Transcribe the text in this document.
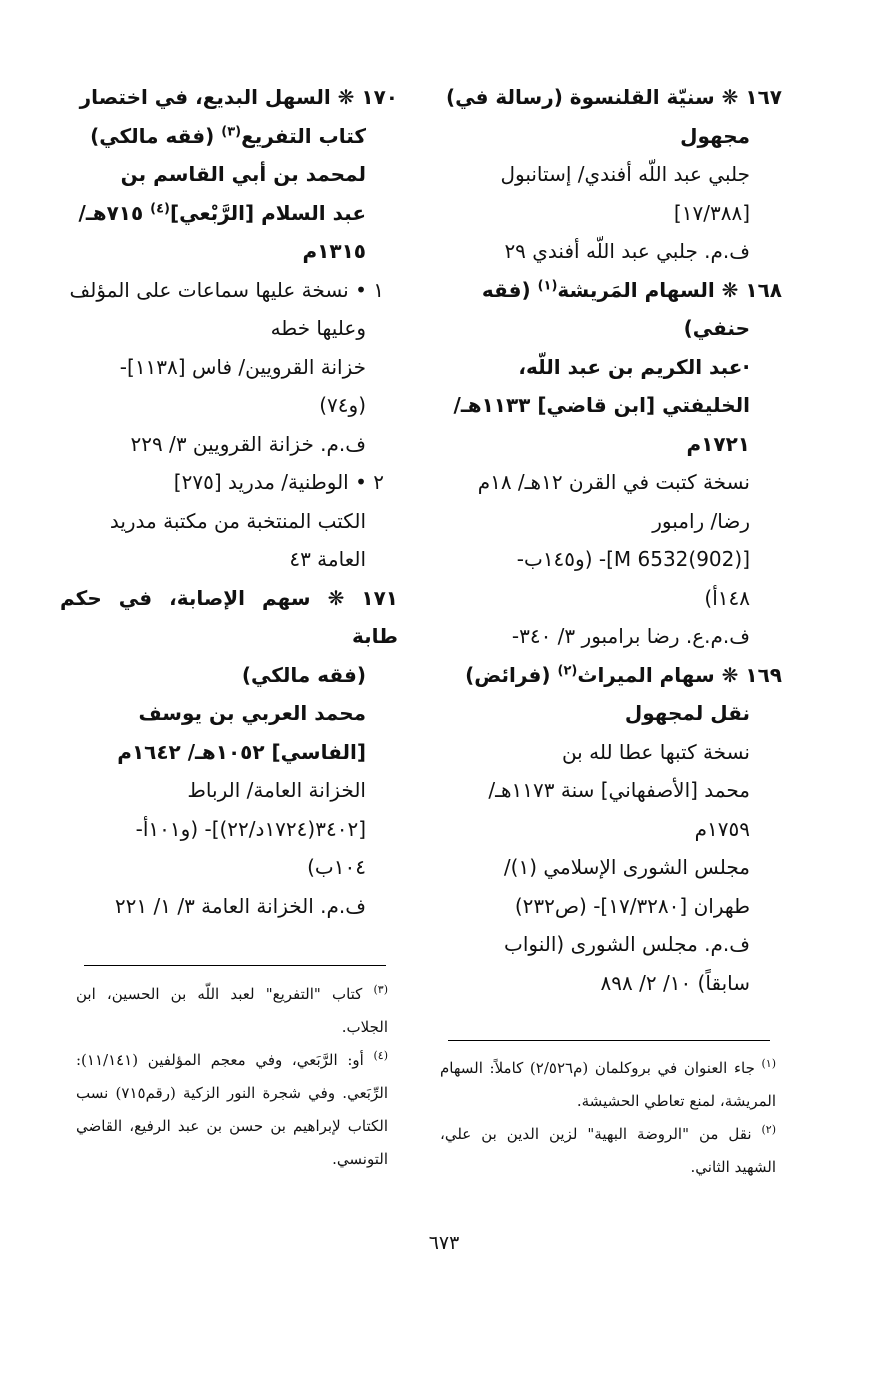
١٦٧ ❋ سنيّة القلنسوة (رسالة في)
مجهول
جلبي عبد اللّه أفندي/ إستانبول
[١٧/٣٨٨]
ف.م. جلبي عبد اللّه أفندي ٢٩
١٦٨ ❋ السهام المَريشة$^{(١)}$ (فقه
حنفي)
·عبد الكريم بن عبد اللّه،
الخليفتي [ابن قاضي] ١١٣٣هـ/
١٧٢١م
نسخة كتبت في القرن ١٢هـ/ ١٨م
رضا/ رامبور
[M 6532(902)]- (و١٤٥ب-
١٤٨أ)
ف.م.ع. رضا برامبور ٣/ ٣٤٠-
١٦٩ ❋ سهام الميراث$^{(٢)}$ (فرائض)
نقل لمجهول
نسخة كتبها عطا لله بن
محمد [الأصفهاني] سنة ١١٧٣هـ/
١٧٥٩م
مجلس الشورى الإسلامي (١)/
طهران [١٧/٣٢٨٠]- (ص٢٣٢)
ف.م. مجلس الشورى (النواب
سابقاً) ١٠/ ٢/ ٨٩٨
١٧٠ ❋ السهل البديع، في اختصار
كتاب التفريع$^{(٣)}$ (فقه مالكي)
لمحمد بن أبي القاسم بن
عبد السلام [الرَّبْعي]$^{(٤)}$ ٧١٥هـ/
١٣١٥م
١ • نسخة عليها سماعات على المؤلف
وعليها خطه
خزانة القرويين/ فاس [١١٣٨]-
(و٧٤)
ف.م. خزانة القرويين ٣/ ٢٢٩
٢ • الوطنية/ مدريد [٢٧٥]
الكتب المنتخبة من مكتبة مدريد
العامة ٤٣
١٧١ ❋ سهم الإصابة، في حكم طابة
(فقه مالكي)
محمد العربي بن يوسف
[الفاسي] ١٠٥٢هـ/ ١٦٤٢م
الخزانة العامة/ الرباط
[٣٤٠٢(١٧٢٤د/٢٢)]- (و١٠١أ-
١٠٤ب)
ف.م. الخزانة العامة ٣/ ١/ ٢٢١
$^{(١)}$ جاء العنوان في بروكلمان (م٢/٥٢٦) كاملاً: السهام المريشة، لمنع تعاطي الحشيشة.
$^{(٢)}$ نقل من "الروضة البهية" لزين الدين بن علي، الشهيد الثاني.
$^{(٣)}$ كتاب "التفريع" لعبد اللّه بن الحسين، ابن الجلاب.
$^{(٤)}$ أو: الرَّبَعي، وفي معجم المؤلفين (١١/١٤١): الرِّبَعي. وفي شجرة النور الزكية (رقم٧١٥) نسب الكتاب لإبراهيم بن حسن بن عبد الرفيع، القاضي التونسي.
٦٧٣
